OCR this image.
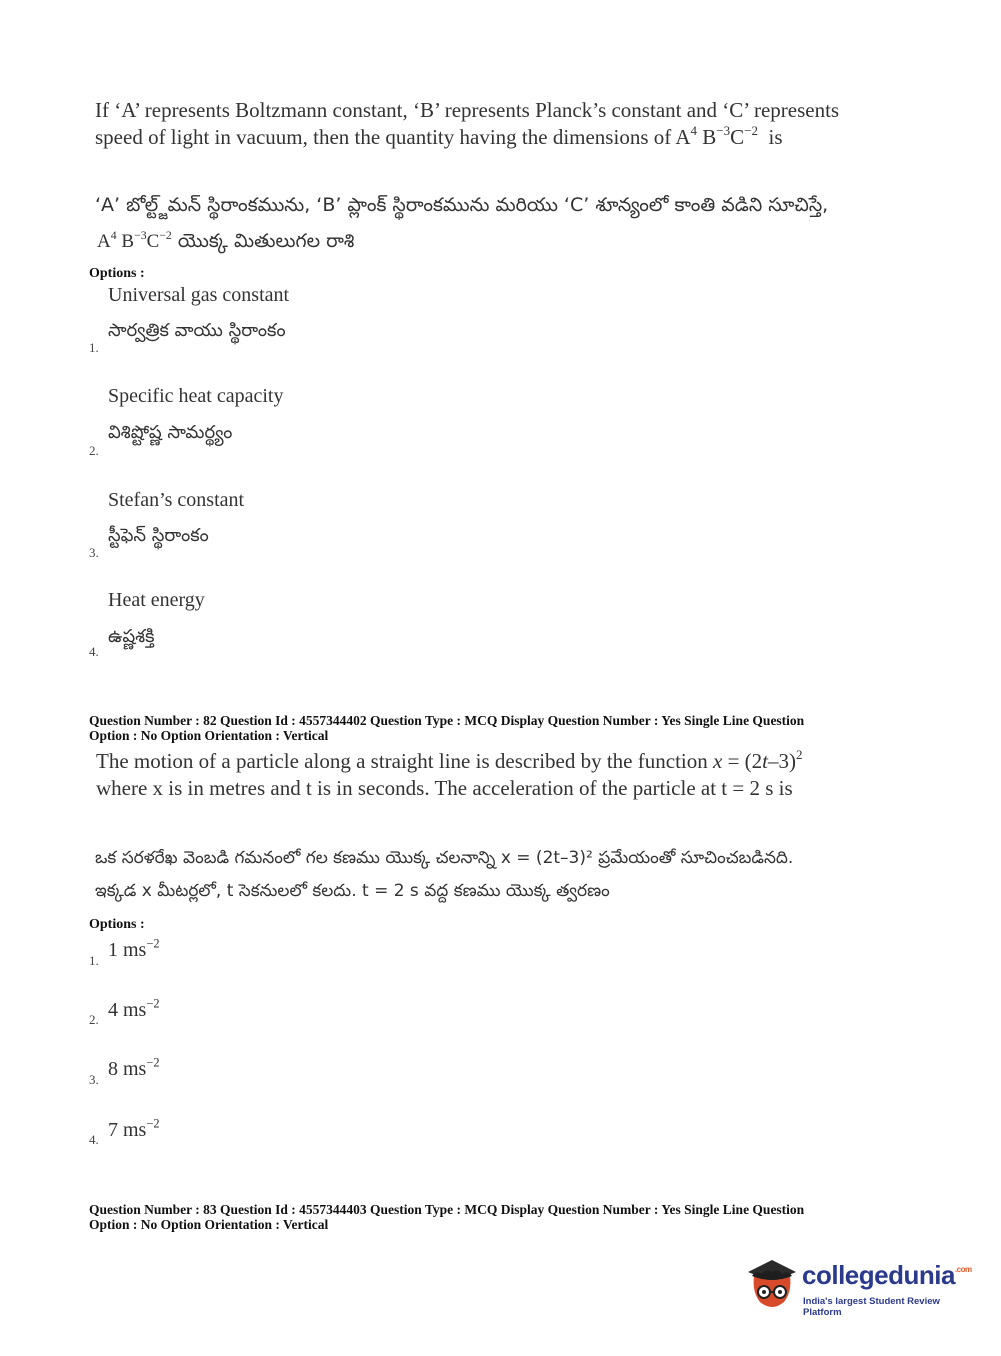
If ‘A’ represents Boltzmann constant, ‘B’ represents Planck’s constant and ‘C’ represents
speed of light in vacuum, then the quantity having the dimensions of $A^4$ $B^{-3}C^{-2}$ is
‘A’ బోల్ట్జ్‌మన్ స్థిరాంకమును, ‘B’ ప్లాంక్ స్థిరాంకమును మరియు ‘C’ శూన్యంలో కాంతి వడిని సూచిస్తే,
$A^4$ $B^{-3}C^{-2}$ యొక్క మితులుగల రాశి
Options :
Universal gas constant
సార్వత్రిక వాయు స్థిరాంకం
1.
Specific heat capacity
విశిష్టోష్ణ సామర్థ్యం
2.
Stefan’s constant
స్టీఫెన్ స్థిరాంకం
3.
Heat energy
ఉష్ణశక్తి
4.
Question Number : 82 Question Id : 4557344402 Question Type : MCQ Display Question Number : Yes Single Line Question
Option : No Option Orientation : Vertical
The motion of a particle along a straight line is described by the function $x = (2t-3)^2$
where x is in metres and t is in seconds. The acceleration of the particle at t = 2 s is
ఒక సరళరేఖ వెంబడి గమనంలో గల కణము యొక్క చలనాన్ని x = (2t–3)² ప్రమేయంతో సూచించబడినది.
ఇక్కడ x మీటర్లలో, t సెకనులలో కలదు. t = 2 s వద్ద కణము యొక్క త్వరణం
Options :
1 $ms^{-2}$
1.
4 $ms^{-2}$
2.
8 $ms^{-2}$
3.
7 $ms^{-2}$
4.
Question Number : 83 Question Id : 4557344403 Question Type : MCQ Display Question Number : Yes Single Line Question
Option : No Option Orientation : Vertical
collegedunia$^{.com}$
India's largest Student Review Platform
